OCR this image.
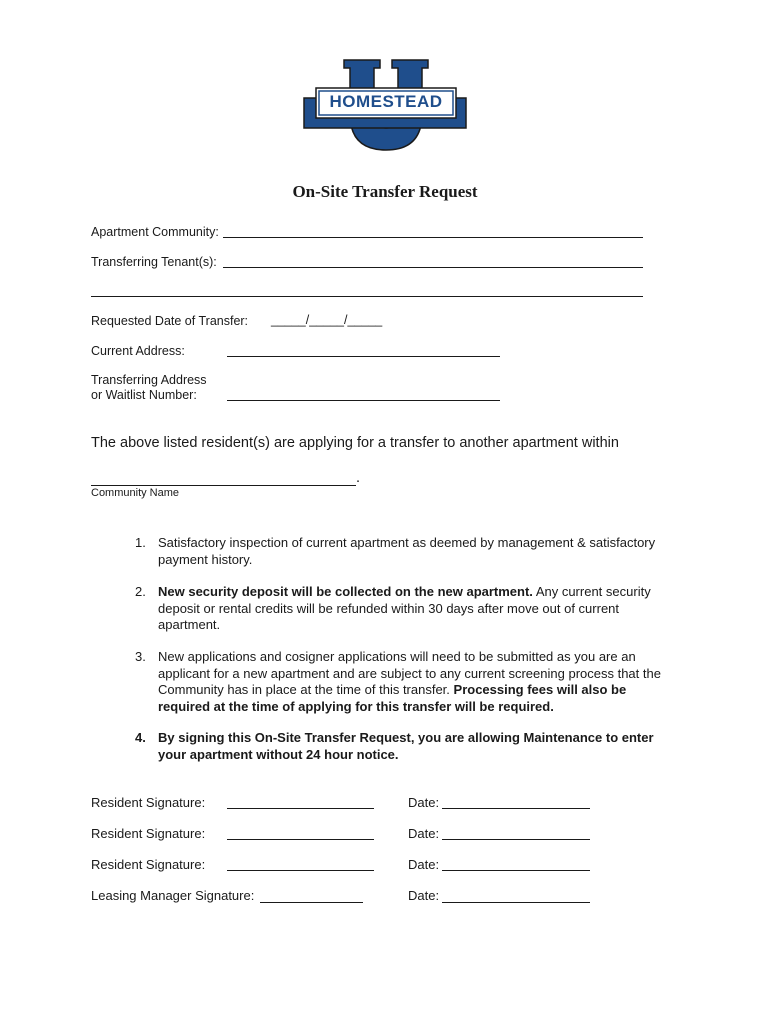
HOMESTEAD
On-Site Transfer Request
Apartment Community:
Transferring Tenant(s):
Requested Date of Transfer: _____/_____/_____
Current Address:
Transferring Address
or Waitlist Number:
The above listed resident(s) are applying for a transfer to another apartment within
.
Community Name
1. Satisfactory inspection of current apartment as deemed by management & satisfactory payment history.
2. New security deposit will be collected on the new apartment. Any current security deposit or rental credits will be refunded within 30 days after move out of current apartment.
3. New applications and cosigner applications will need to be submitted as you are an applicant for a new apartment and are subject to any current screening process that the Community has in place at the time of this transfer. Processing fees will also be required at the time of applying for this transfer will be required.
4. By signing this On-Site Transfer Request, you are allowing Maintenance to enter your apartment without 24 hour notice.
Resident Signature:	Date:
Resident Signature:	Date:
Resident Signature:	Date:
Leasing Manager Signature:	Date:
